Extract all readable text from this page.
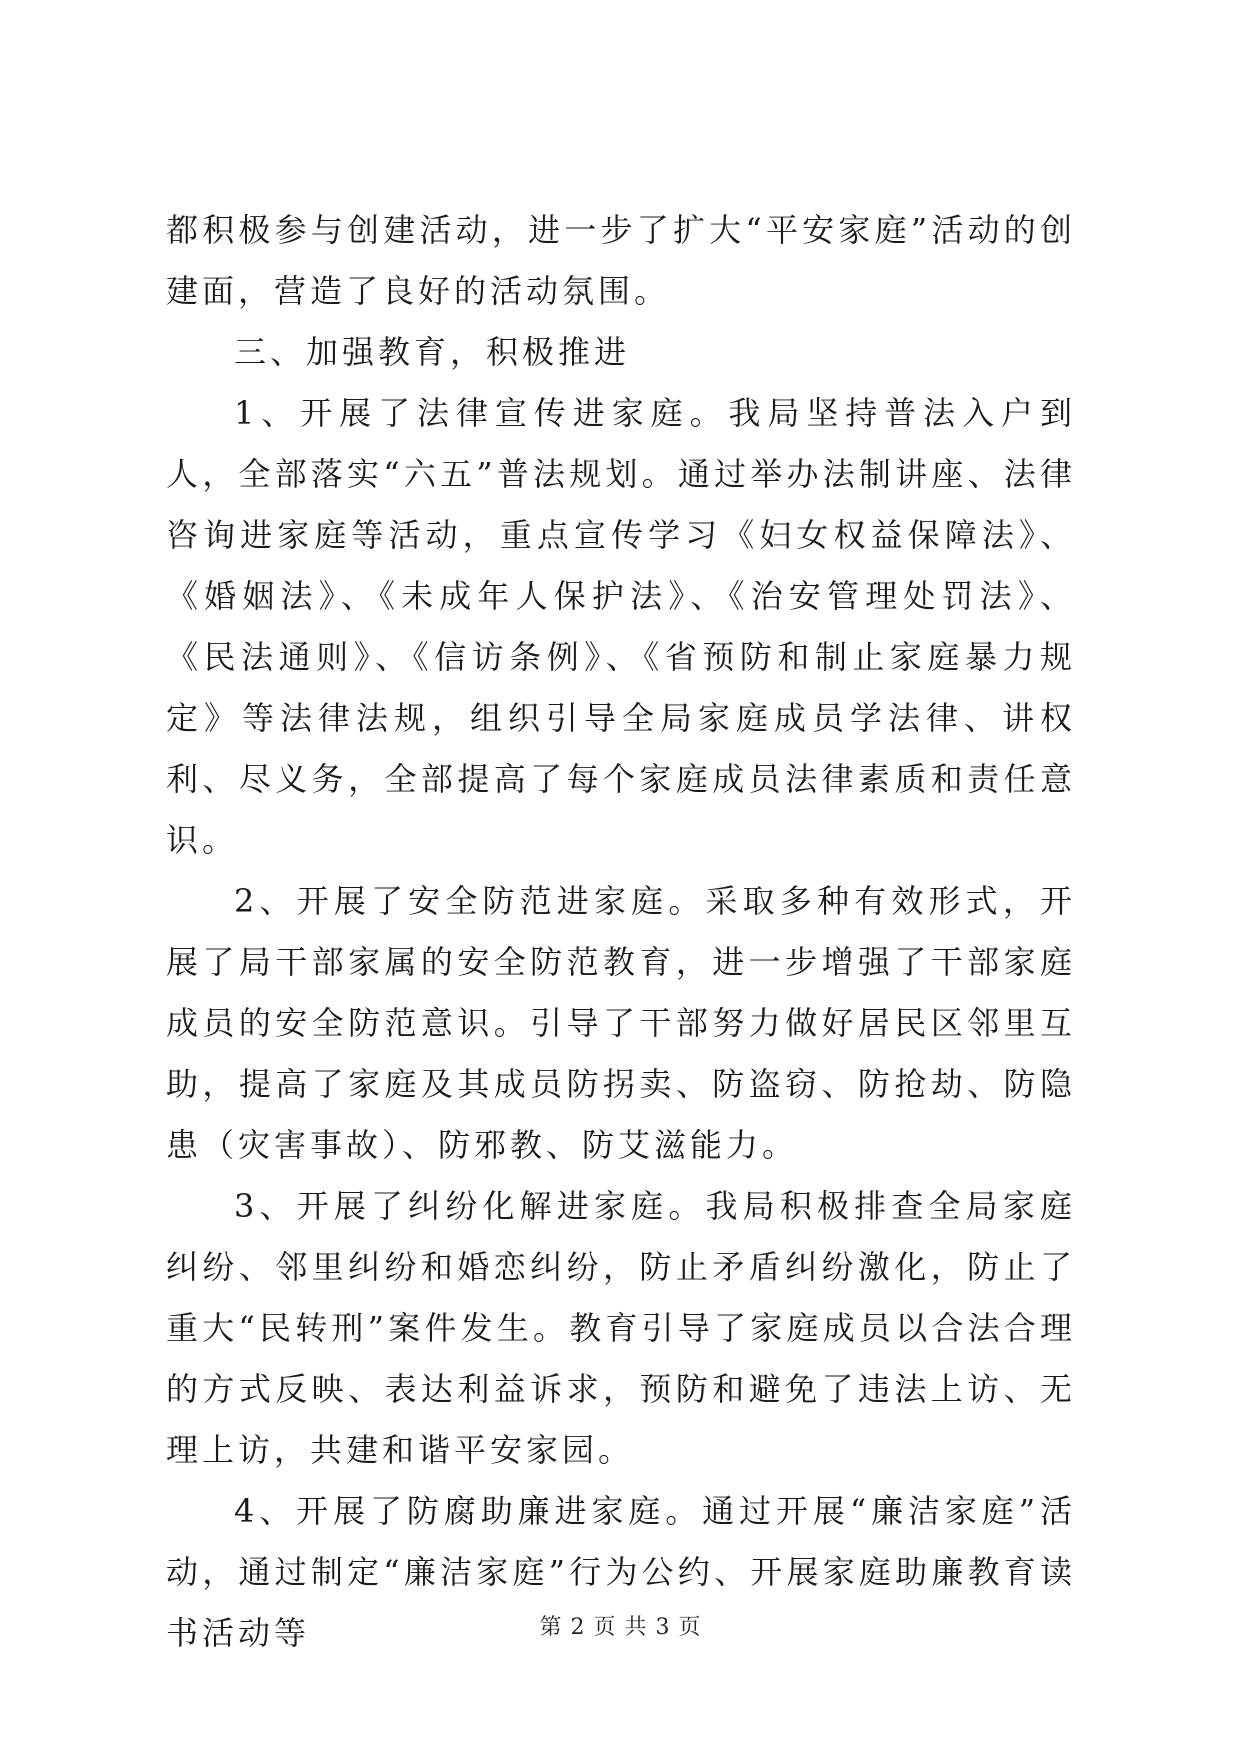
都积极参与创建活动，进一步了扩大“平安家庭”活动的创建面，营造了良好的活动氛围。

三、加强教育，积极推进

1、开展了法律宣传进家庭。我局坚持普法入户到人，全部落实“六五”普法规划。通过举办法制讲座、法律咨询进家庭等活动，重点宣传学习《妇女权益保障法》、《婚姻法》、《未成年人保护法》、《治安管理处罚法》、《民法通则》、《信访条例》、《省预防和制止家庭暴力规定》等法律法规，组织引导全局家庭成员学法律、讲权利、尽义务，全部提高了每个家庭成员法律素质和责任意识。

2、开展了安全防范进家庭。采取多种有效形式，开展了局干部家属的安全防范教育，进一步增强了干部家庭成员的安全防范意识。引导了干部努力做好居民区邻里互助，提高了家庭及其成员防拐卖、防盗窃、防抢劫、防隐患（灾害事故）、防邪教、防艾滋能力。

3、开展了纠纷化解进家庭。我局积极排查全局家庭纠纷、邻里纠纷和婚恋纠纷，防止矛盾纠纷激化，防止了重大“民转刑”案件发生。教育引导了家庭成员以合法合理的方式反映、表达利益诉求，预防和避免了违法上访、无理上访，共建和谐平安家园。

4、开展了防腐助廉进家庭。通过开展“廉洁家庭”活动，通过制定“廉洁家庭”行为公约、开展家庭助廉教育读书活动等	第 2 页 共 3 页
